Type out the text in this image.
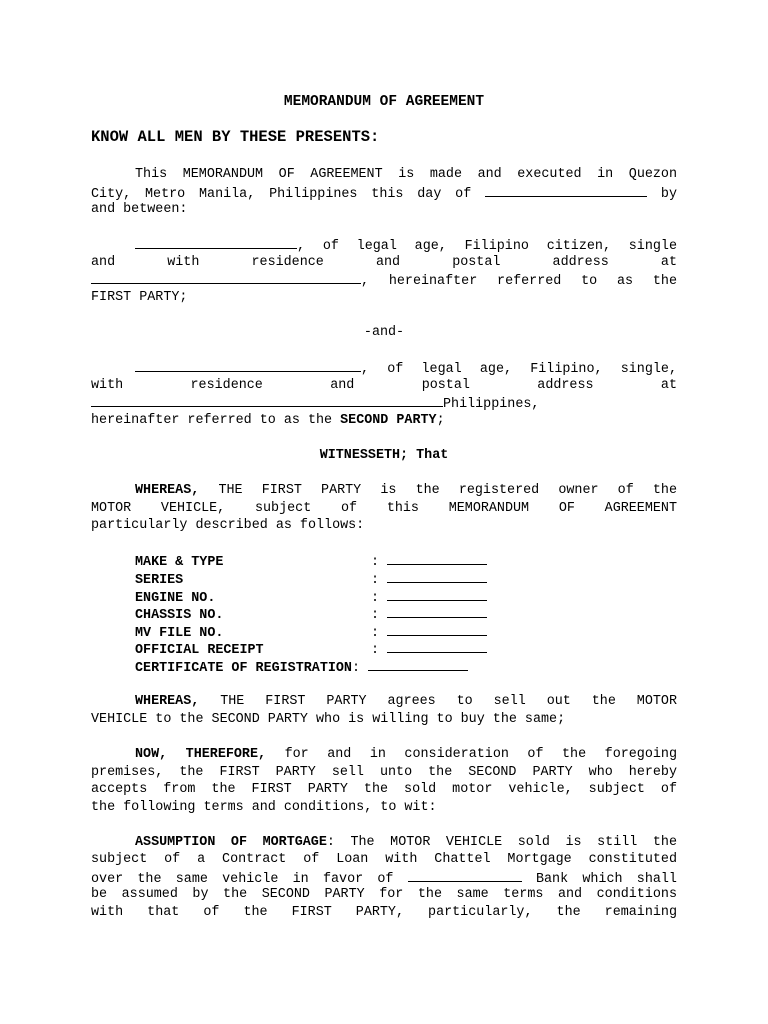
MEMORANDUM OF AGREEMENT
KNOW ALL MEN BY THESE PRESENTS:
This MEMORANDUM OF AGREEMENT is made and executed in Quezon
City, Metro Manila, Philippines this day of	by
and between:
, of legal age, Filipino citizen, single
and with residence and postal address at
, hereinafter referred to as the
FIRST PARTY;
-and-
, of legal age, Filipino, single,
with residence and postal address at
Philippines,
hereinafter referred to as the SECOND PARTY;
WITNESSETH; That
WHEREAS, THE FIRST PARTY is the registered owner of the
MOTOR VEHICLE, subject of this MEMORANDUM OF AGREEMENT
particularly described as follows:
MAKE & TYPE	:
SERIES	:
ENGINE NO.	:
CHASSIS NO.	:
MV FILE NO.	:
OFFICIAL RECEIPT	:
CERTIFICATE OF REGISTRATION:
WHEREAS, THE FIRST PARTY agrees to sell out the MOTOR
VEHICLE to the SECOND PARTY who is willing to buy the same;
NOW, THEREFORE, for and in consideration of the foregoing
premises, the FIRST PARTY sell unto the SECOND PARTY who hereby
accepts from the FIRST PARTY the sold motor vehicle, subject of
the following terms and conditions, to wit:
ASSUMPTION OF MORTGAGE: The MOTOR VEHICLE sold is still the
subject of a Contract of Loan with Chattel Mortgage constituted
over the same vehicle in favor of	Bank which shall
be assumed by the SECOND PARTY for the same terms and conditions
with that of the FIRST PARTY, particularly, the remaining
